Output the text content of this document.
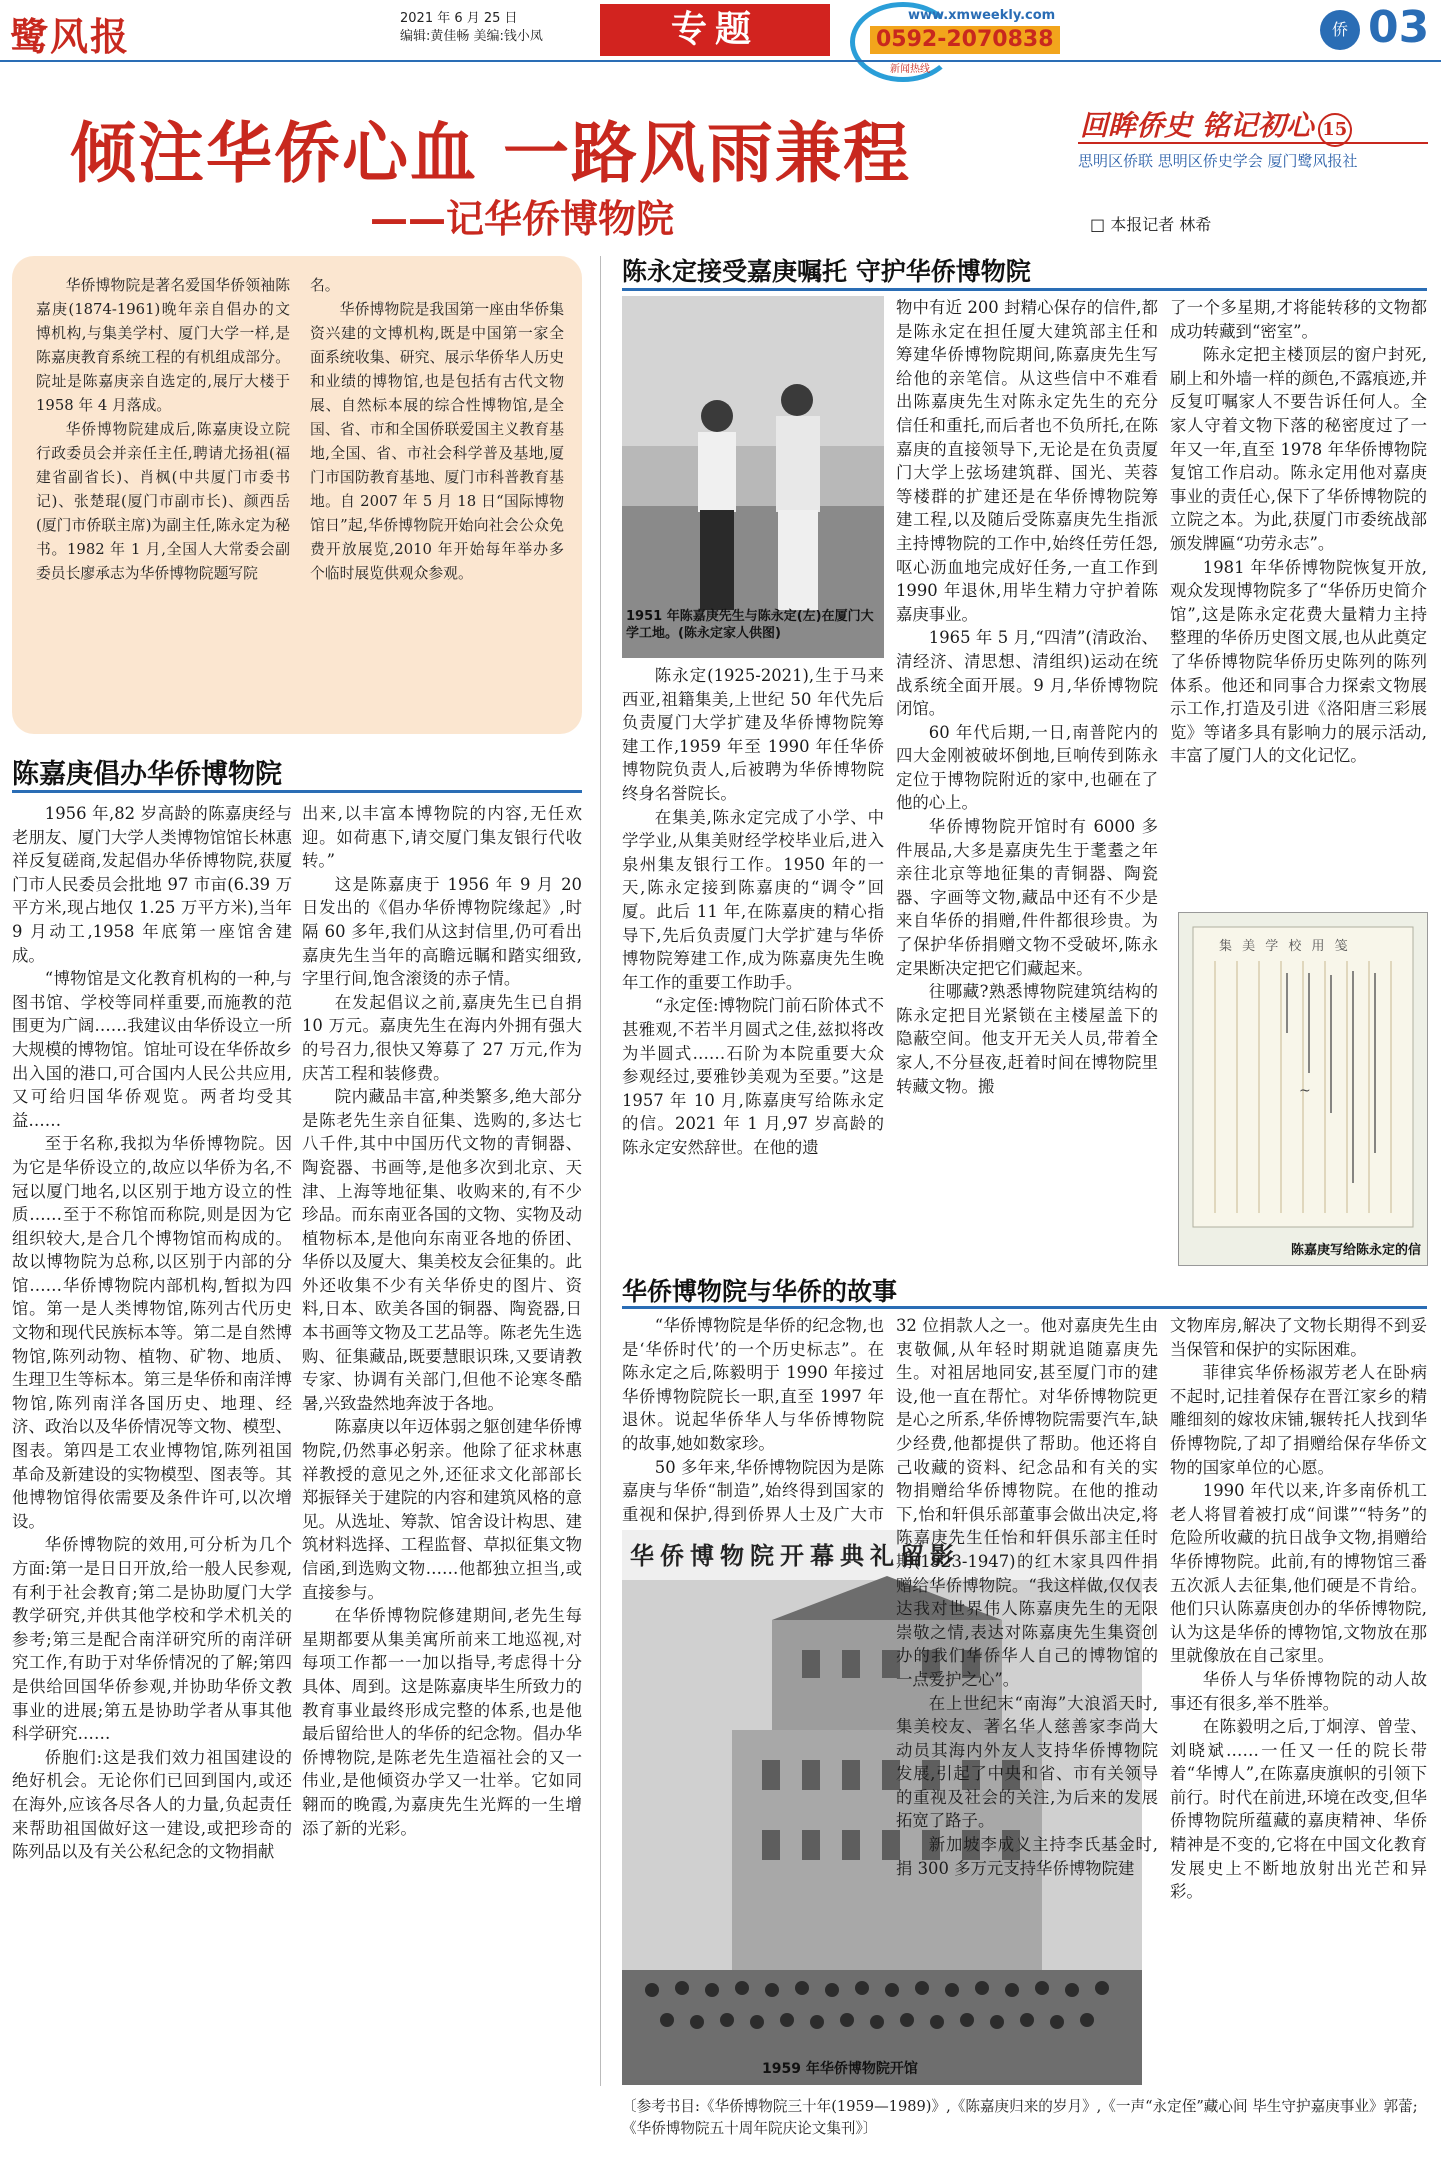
鹭风报	2021 年 6 月 25 日
编辑:黄佳畅 美编:钱小凤	专题	www.xmweekly.com
0592-2070838
新闻热线
侨 03
倾注华侨心血 一路风雨兼程
——记华侨博物院
回眸侨史 铭记初心 15
思明区侨联 思明区侨史学会 厦门鹭风报社
□ 本报记者 林希

华侨博物院是著名爱国华侨领袖陈嘉庚(1874-1961)晚年亲自倡办的文博机构,与集美学村、厦门大学一样,是陈嘉庚教育系统工程的有机组成部分。院址是陈嘉庚亲自选定的,展厅大楼于 1958 年 4 月落成。

华侨博物院建成后,陈嘉庚设立院行政委员会并亲任主任,聘请尤扬祖(福建省副省长)、肖枫(中共厦门市委书记)、张楚琨(厦门市副市长)、颜西岳(厦门市侨联主席)为副主任,陈永定为秘书。1982 年 1 月,全国人大常委会副委员长廖承志为华侨博物院题写院

名。

华侨博物院是我国第一座由华侨集资兴建的文博机构,既是中国第一家全面系统收集、研究、展示华侨华人历史和业绩的博物馆,也是包括有古代文物展、自然标本展的综合性博物馆,是全国、省、市和全国侨联爱国主义教育基地,全国、省、市社会科学普及基地,厦门市国防教育基地、厦门市科普教育基地。自 2007 年 5 月 18 日“国际博物馆日”起,华侨博物院开始向社会公众免费开放展览,2010 年开始每年举办多个临时展览供观众参观。

陈嘉庚倡办华侨博物院

1956 年,82 岁高龄的陈嘉庚经与老朋友、厦门大学人类博物馆馆长林惠祥反复磋商,发起倡办华侨博物院,获厦门市人民委员会批地 97 市亩(6.39 万平方米,现占地仅 1.25 万平方米),当年 9 月动工,1958 年底第一座馆舍建成。

“博物馆是文化教育机构的一种,与图书馆、学校等同样重要,而施教的范围更为广阔……我建议由华侨设立一所大规模的博物馆。馆址可设在华侨故乡出入国的港口,可合国内人民公共应用,又可给归国华侨观览。两者均受其益……

至于名称,我拟为华侨博物院。因为它是华侨设立的,故应以华侨为名,不冠以厦门地名,以区别于地方设立的性质……至于不称馆而称院,则是因为它组织较大,是合几个博物馆而构成的。故以博物院为总称,以区别于内部的分馆……华侨博物院内部机构,暂拟为四馆。第一是人类博物馆,陈列古代历史文物和现代民族标本等。第二是自然博物馆,陈列动物、植物、矿物、地质、生理卫生等标本。第三是华侨和南洋博物馆,陈列南洋各国历史、地理、经济、政治以及华侨情况等文物、模型、图表。第四是工农业博物馆,陈列祖国革命及新建设的实物模型、图表等。其他博物馆得依需要及条件许可,以次增设。

华侨博物院的效用,可分析为几个方面:第一是日日开放,给一般人民参观,有利于社会教育;第二是协助厦门大学教学研究,并供其他学校和学术机关的参考;第三是配合南洋研究所的南洋研究工作,有助于对华侨情况的了解;第四是供给回国华侨参观,并协助华侨文教事业的进展;第五是协助学者从事其他科学研究……

侨胞们:这是我们效力祖国建设的绝好机会。无论你们已回到国内,或还在海外,应该各尽各人的力量,负起责任来帮助祖国做好这一建设,或把珍奇的陈列品以及有关公私纪念的文物捐献

出来,以丰富本博物院的内容,无任欢迎。如荷惠下,请交厦门集友银行代收转。”

这是陈嘉庚于 1956 年 9 月 20 日发出的《倡办华侨博物院缘起》,时隔 60 多年,我们从这封信里,仍可看出嘉庚先生当年的高瞻远瞩和踏实细致,字里行间,饱含滚烫的赤子情。

在发起倡议之前,嘉庚先生已自捐 10 万元。嘉庚先生在海内外拥有强大的号召力,很快又筹募了 27 万元,作为庆苫工程和装修费。

院内藏品丰富,种类繁多,绝大部分是陈老先生亲自征集、选购的,多达七八千件,其中中国历代文物的青铜器、陶瓷器、书画等,是他多次到北京、天津、上海等地征集、收购来的,有不少珍品。而东南亚各国的文物、实物及动植物标本,是他向东南亚各地的侨团、华侨以及厦大、集美校友会征集的。此外还收集不少有关华侨史的图片、资料,日本、欧美各国的铜器、陶瓷器,日本书画等文物及工艺品等。陈老先生选购、征集藏品,既要慧眼识珠,又要请教专家、协调有关部门,但他不论寒冬酷暑,兴致盎然地奔波于各地。

陈嘉庚以年迈体弱之躯创建华侨博物院,仍然事必躬亲。他除了征求林惠祥教授的意见之外,还征求文化部部长郑振铎关于建院的内容和建筑风格的意见。从选址、筹款、馆舍设计构思、建筑材料选择、工程监督、草拟征集文物信函,到选购文物……他都独立担当,或直接参与。

在华侨博物院修建期间,老先生每星期都要从集美寓所前来工地巡视,对每项工作都一一加以指导,考虑得十分具体、周到。这是陈嘉庚毕生所致力的教育事业最终形成完整的体系,也是他最后留给世人的华侨的纪念物。倡办华侨博物院,是陈老先生造福社会的又一伟业,是他倾资办学又一壮举。它如同翱而的晚霞,为嘉庚先生光辉的一生增添了新的光彩。

陈永定接受嘉庚嘱托 守护华侨博物院
1951 年陈嘉庚先生与陈永定(左)在厦门大学工地。(陈永定家人供图)

陈永定(1925-2021),生于马来西亚,祖籍集美,上世纪 50 年代先后负责厦门大学扩建及华侨博物院筹建工作,1959 年至 1990 年任华侨博物院负责人,后被聘为华侨博物院终身名誉院长。

在集美,陈永定完成了小学、中学学业,从集美财经学校毕业后,进入泉州集友银行工作。1950 年的一天,陈永定接到陈嘉庚的“调令”回厦。此后 11 年,在陈嘉庚的精心指导下,先后负责厦门大学扩建与华侨博物院筹建工作,成为陈嘉庚先生晚年工作的重要工作助手。

“永定侄:博物院门前石阶体式不甚雅观,不若半月圆式之佳,兹拟将改为半圆式……石阶为本院重要大众参观经过,要雅钞美观为至要。”这是 1957 年 10 月,陈嘉庚写给陈永定的信。2021 年 1 月,97 岁高龄的陈永定安然辞世。在他的遗

物中有近 200 封精心保存的信件,都是陈永定在担任厦大建筑部主任和筹建华侨博物院期间,陈嘉庚先生写给他的亲笔信。从这些信中不难看出陈嘉庚先生对陈永定先生的充分信任和重托,而后者也不负所托,在陈嘉庚的直接领导下,无论是在负责厦门大学上弦场建筑群、国光、芙蓉等楼群的扩建还是在华侨博物院筹建工程,以及随后受陈嘉庚先生指派主持博物院的工作中,始终任劳任怨,呕心沥血地完成好任务,一直工作到 1990 年退休,用毕生精力守护着陈嘉庚事业。

1965 年 5 月,“四清”(清政治、清经济、清思想、清组织)运动在统战系统全面开展。9 月,华侨博物院闭馆。

60 年代后期,一日,南普陀内的四大金刚被破坏倒地,巨响传到陈永定位于博物院附近的家中,也砸在了他的心上。

华侨博物院开馆时有 6000 多件展品,大多是嘉庚先生于耄耋之年亲往北京等地征集的青铜器、陶瓷器、字画等文物,藏品中还有不少是来自华侨的捐赠,件件都很珍贵。为了保护华侨捐赠文物不受破坏,陈永定果断决定把它们藏起来。

往哪藏?熟悉博物院建筑结构的陈永定把目光紧锁在主楼屋盖下的隐蔽空间。他支开无关人员,带着全家人,不分昼夜,赶着时间在博物院里转藏文物。搬

了一个多星期,才将能转移的文物都成功转藏到“密室”。

陈永定把主楼顶层的窗户封死,刷上和外墙一样的颜色,不露痕迹,并反复叮嘱家人不要告诉任何人。全家人守着文物下落的秘密度过了一年又一年,直至 1978 年华侨博物院复馆工作启动。陈永定用他对嘉庚事业的责任心,保下了华侨博物院的立院之本。为此,获厦门市委统战部颁发牌匾“功劳永志”。

1981 年华侨博物院恢复开放,观众发现博物院多了“华侨历史简介馆”,这是陈永定花费大量精力主持整理的华侨历史图文展,也从此奠定了华侨博物院华侨历史陈列的陈列体系。他还和同事合力探索文物展示工作,打造及引进《洛阳唐三彩展览》等诸多具有影响力的展示活动,丰富了厦门人的文化记忆。

~
集 美 学 校 用 笺
陈嘉庚写给陈永定的信
华侨博物院与华侨的故事

“华侨博物院是华侨的纪念物,也是‘华侨时代’的一个历史标志”。在陈永定之后,陈毅明于 1990 年接过华侨博物院院长一职,直至 1997 年退休。说起华侨华人与华侨博物院的故事,她如数家珍。

50 多年来,华侨博物院因为是陈嘉庚与华侨“制造”,始终得到国家的重视和保护,得到侨界人士及广大市

华侨博物院开幕典礼留影
1959 年华侨博物院开馆

32 位捐款人之一。他对嘉庚先生由衷敬佩,从年轻时期就追随嘉庚先生。对祖居地同安,甚至厦门市的建设,他一直在帮忙。对华侨博物院更是心之所系,华侨博物院需要汽车,缺少经费,他都提供了帮助。他还将自己收藏的资料、纪念品和有关的实物捐赠给华侨博物院。在他的推动下,怡和轩俱乐部董事会做出决定,将陈嘉庚先生任怡和轩俱乐部主任时期(1923-1947)的红木家具四件捐赠给华侨博物院。“我这样做,仅仅表达我对世界伟人陈嘉庚先生的无限崇敬之情,表达对陈嘉庚先生集资创办的我们华侨华人自己的博物馆的一点爱护之心”。

在上世纪末“南海”大浪滔天时,集美校友、著名华人慈善家李尚大动员其海内外友人支持华侨博物院发展,引起了中央和省、市有关领导的重视及社会的关注,为后来的发展拓宽了路子。

新加坡李成义主持李氏基金时,捐 300 多万元支持华侨博物院建

文物库房,解决了文物长期得不到妥当保管和保护的实际困难。

菲律宾华侨杨淑芳老人在卧病不起时,记挂着保存在晋江家乡的精雕细刻的嫁妆床铺,辗转托人找到华侨博物院,了却了捐赠给保存华侨文物的国家单位的心愿。

1990 年代以来,许多南侨机工老人将冒着被打成“间谍”“特务”的危险所收藏的抗日战争文物,捐赠给华侨博物院。此前,有的博物馆三番五次派人去征集,他们硬是不肯给。他们只认陈嘉庚创办的华侨博物院,认为这是华侨的博物馆,文物放在那里就像放在自己家里。

华侨人与华侨博物院的动人故事还有很多,举不胜举。

在陈毅明之后,丁炯淳、曾莹、刘晓斌……一任又一任的院长带着“华博人”,在陈嘉庚旗帜的引领下前行。时代在前进,环境在改变,但华侨博物院所蕴藏的嘉庚精神、华侨精神是不变的,它将在中国文化教育发展史上不断地放射出光芒和异彩。

〔参考书目:《华侨博物院三十年(1959—1989)》,《陈嘉庚归来的岁月》,《一声“永定侄”藏心间 毕生守护嘉庚事业》郭蕾;《华侨博物院五十周年院庆论文集刊》〕
